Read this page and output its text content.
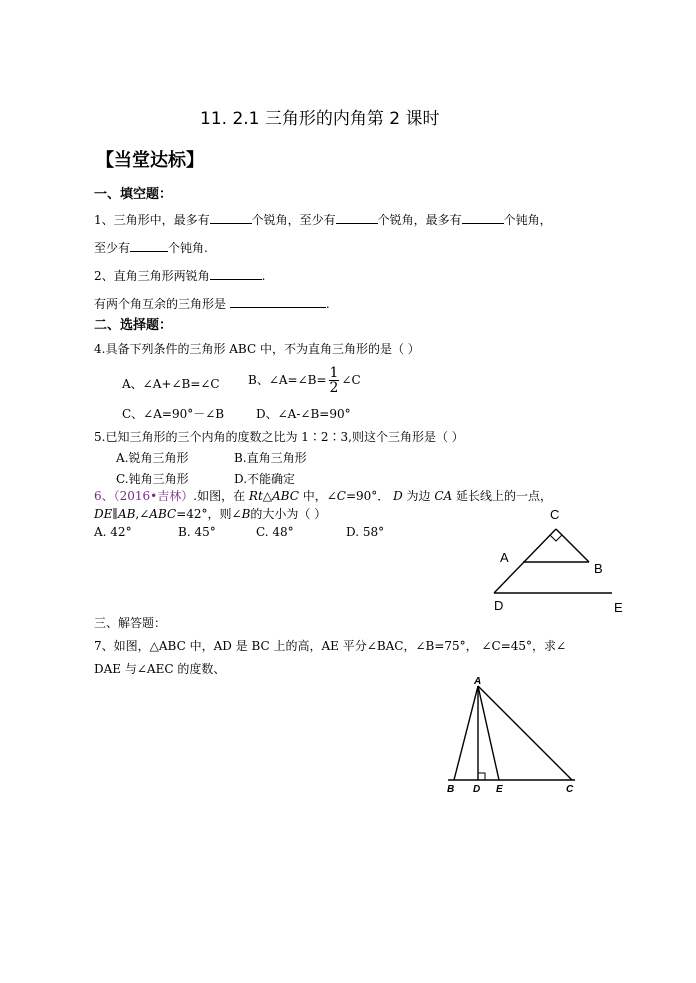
11. 2.1 三角形的内角第 2 课时
【当堂达标】
一、填空题：
1、三角形中，最多有	个锐角，至少有	个锐角，最多有	个钝角，
至少有	个钝角.
2、直角三角形两锐角	.
有两个角互余的三角形是	.
二、选择题：
4.具备下列条件的三角形 ABC 中，不为直角三角形的是（ ）
A、∠A+∠B=∠C B、∠A=∠B= $\frac{1}{2}$ ∠C
C、∠A=90°－∠B	D、∠A-∠B=90°
5.已知三角形的三个内角的度数之比为 1∶2∶3,则这个三角形是（ ）
A.锐角三角形	B.直角三角形
C.钝角三角形	D.不能确定
6、（2016•吉林）.如图，在 Rt△ABC 中，∠C=90°． D 为边 CA 延长线上的一点，
DE∥AB,∠ABC=42°，则∠B的大小为（ ）
A. 42°	B. 45°	C. 48°	D. 58°
C
A
B
D	E
三、解答题：
7、如图，△ABC 中，AD 是 BC 上的高，AE 平分∠BAC，∠B=75°， ∠C=45°，求∠
DAE 与∠AEC 的度数、
A
B D E	C
